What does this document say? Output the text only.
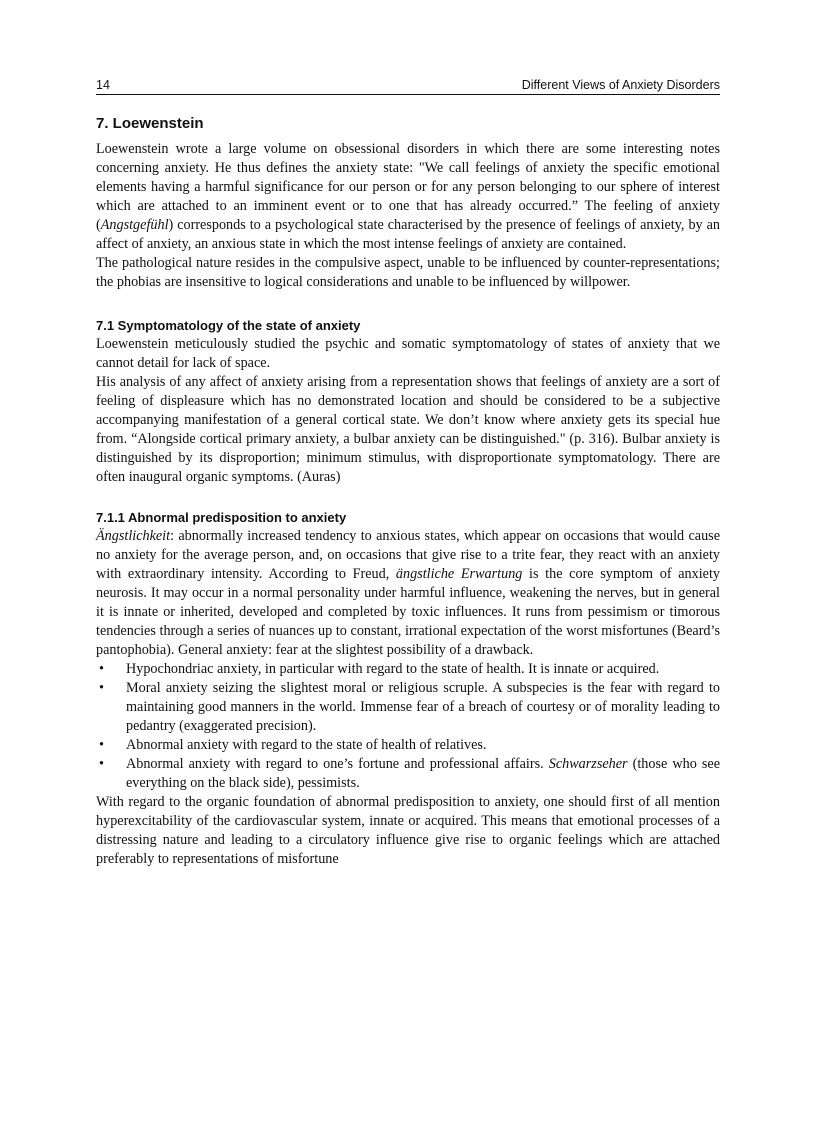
14	Different Views of Anxiety Disorders
7. Loewenstein

Loewenstein wrote a large volume on obsessional disorders in which there are some interesting notes concerning anxiety. He thus defines the anxiety state: "We call feelings of anxiety the specific emotional elements having a harmful significance for our person or for any person belonging to our sphere of interest which are attached to an imminent event or to one that has already occurred.” The feeling of anxiety (Angstgefühl) corresponds to a psychological state characterised by the presence of feelings of anxiety, by an affect of anxiety, an anxious state in which the most intense feelings of anxiety are contained.

The pathological nature resides in the compulsive aspect, unable to be influenced by counter-representations; the phobias are insensitive to logical considerations and unable to be influenced by willpower.

7.1 Symptomatology of the state of anxiety

Loewenstein meticulously studied the psychic and somatic symptomatology of states of anxiety that we cannot detail for lack of space.

His analysis of any affect of anxiety arising from a representation shows that feelings of anxiety are a sort of feeling of displeasure which has no demonstrated location and should be considered to be a subjective accompanying manifestation of a general cortical state. We don’t know where anxiety gets its special hue from. “Alongside cortical primary anxiety, a bulbar anxiety can be distinguished." (p. 316). Bulbar anxiety is distinguished by its disproportion; minimum stimulus, with disproportionate symptomatology. There are often inaugural organic symptoms. (Auras)

7.1.1 Abnormal predisposition to anxiety

Ängstlichkeit: abnormally increased tendency to anxious states, which appear on occasions that would cause no anxiety for the average person, and, on occasions that give rise to a trite fear, they react with an anxiety with extraordinary intensity. According to Freud, ängstliche Erwartung is the core symptom of anxiety neurosis. It may occur in a normal personality under harmful influence, weakening the nerves, but in general it is innate or inherited, developed and completed by toxic influences. It runs from pessimism or timorous tendencies through a series of nuances up to constant, irrational expectation of the worst misfortunes (Beard’s pantophobia). General anxiety: fear at the slightest possibility of a drawback.

• Hypochondriac anxiety, in particular with regard to the state of health. It is innate or acquired.
• Moral anxiety seizing the slightest moral or religious scruple. A subspecies is the fear with regard to maintaining good manners in the world. Immense fear of a breach of courtesy or of morality leading to pedantry (exaggerated precision).
• Abnormal anxiety with regard to the state of health of relatives.
• Abnormal anxiety with regard to one’s fortune and professional affairs. Schwarzseher (those who see everything on the black side), pessimists.

With regard to the organic foundation of abnormal predisposition to anxiety, one should first of all mention hyperexcitability of the cardiovascular system, innate or acquired. This means that emotional processes of a distressing nature and leading to a circulatory influence give rise to organic feelings which are attached preferably to representations of misfortune
